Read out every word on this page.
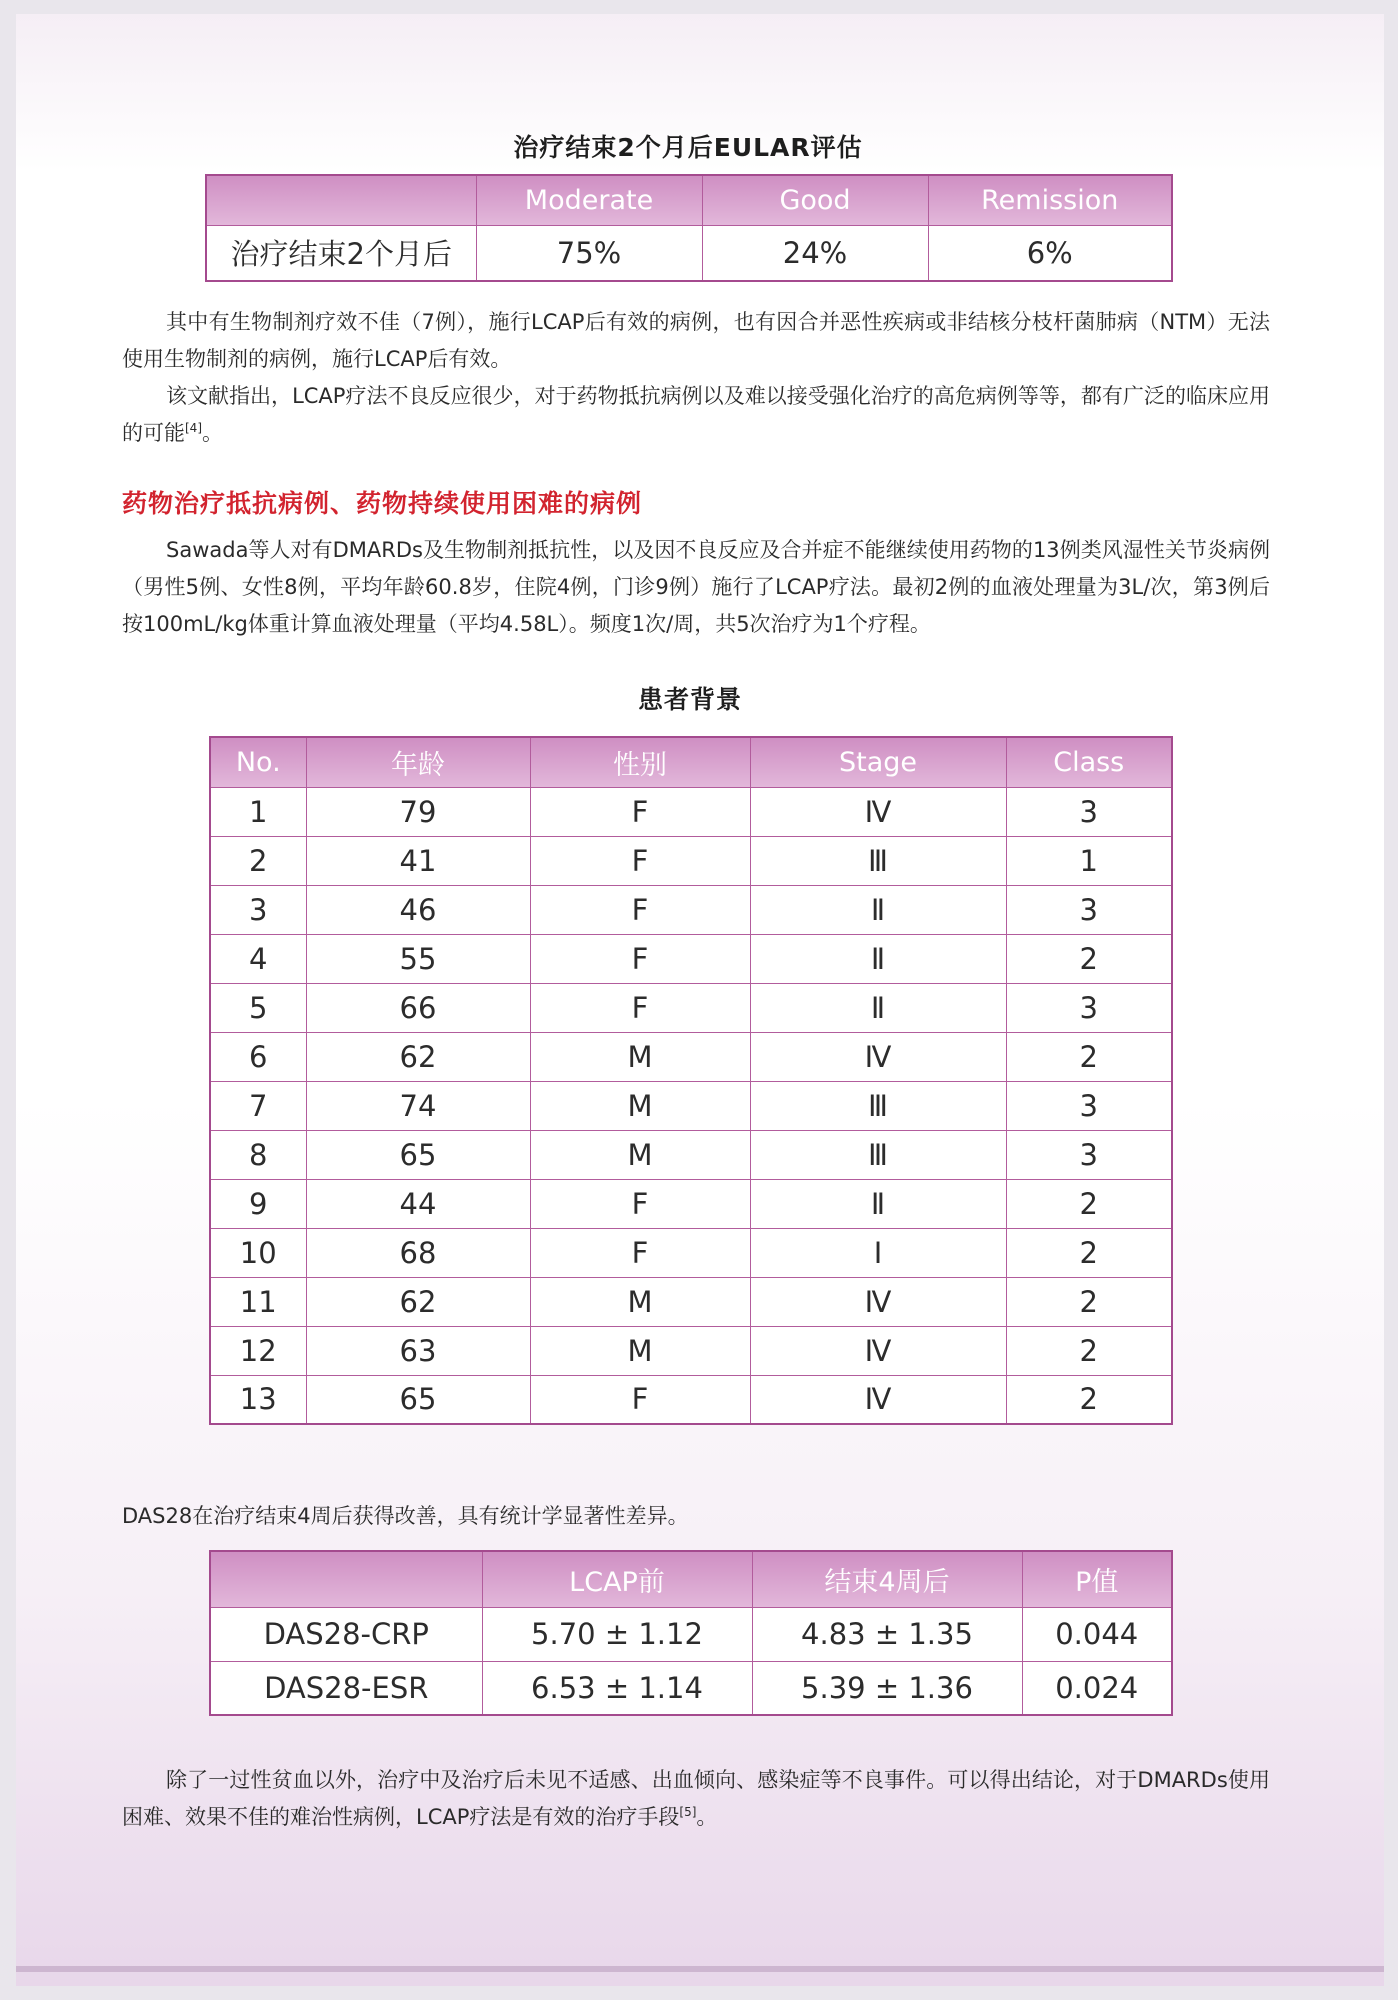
治疗结束2个月后EULAR评估
	Moderate	Good	Remission
治疗结束2个月后	75%	24%	6%

其中有生物制剂疗效不佳（7例），施行LCAP后有效的病例，也有因合并恶性疾病或非结核分枝杆菌肺病（NTM）无法使用生物制剂的病例，施行LCAP后有效。

该文献指出，LCAP疗法不良反应很少，对于药物抵抗病例以及难以接受强化治疗的高危病例等等，都有广泛的临床应用的可能[4]。

药物治疗抵抗病例、药物持续使用困难的病例

Sawada等人对有DMARDs及生物制剂抵抗性，以及因不良反应及合并症不能继续使用药物的13例类风湿性关节炎病例（男性5例、女性8例，平均年龄60.8岁，住院4例，门诊9例）施行了LCAP疗法。最初2例的血液处理量为3L/次，第3例后按100mL/kg体重计算血液处理量（平均4.58L）。频度1次/周，共5次治疗为1个疗程。

患者背景
No.	年龄	性别	Stage	Class
1	79	F	Ⅳ	3
2	41	F	Ⅲ	1
3	46	F	Ⅱ	3
4	55	F	Ⅱ	2
5	66	F	Ⅱ	3
6	62	M	Ⅳ	2
7	74	M	Ⅲ	3
8	65	M	Ⅲ	3
9	44	F	Ⅱ	2
10	68	F	Ⅰ	2
11	62	M	Ⅳ	2
12	63	M	Ⅳ	2
13	65	F	Ⅳ	2

DAS28在治疗结束4周后获得改善，具有统计学显著性差异。

	LCAP前	结束4周后	P值
DAS28-CRP	5.70 ± 1.12	4.83 ± 1.35	0.044
DAS28-ESR	6.53 ± 1.14	5.39 ± 1.36	0.024

除了一过性贫血以外，治疗中及治疗后未见不适感、出血倾向、感染症等不良事件。可以得出结论，对于DMARDs使用困难、效果不佳的难治性病例，LCAP疗法是有效的治疗手段[5]。
